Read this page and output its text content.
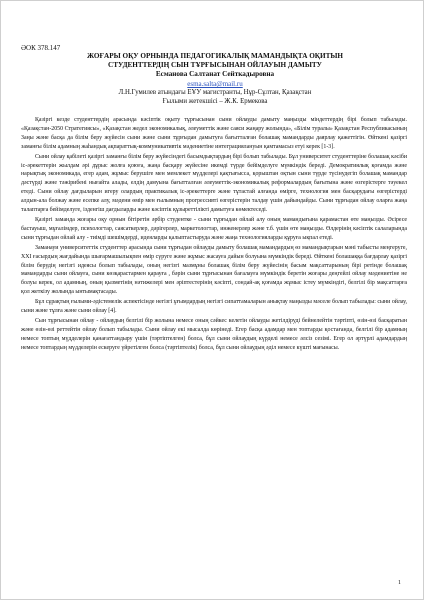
ӘОК 378.147
ЖОҒАРЫ ОҚУ ОРНЫНДА ПЕДАГОГИКАЛЫҚ МАМАНДЫҚТА ОҚИТЫН
СТУДЕНТТЕРДІҢ СЫН ТҰРҒЫСЫНАН ОЙЛАУЫН ДАМЫТУ
Есманова Салтанат Сейткадыровна
esma.salta@mail.ru
Л.Н.Гумилев атындағы ЕҰУ магистранты, Нұр-Сұлтан, Қазақстан
Ғылыми жетекшісі – Ж.К. Ермекова

Қазіргі кезде студенттердің арасында кәсіптік оқыту тұрғысынан сыни ойлауды дамыту маңызды міндеттердің бірі болып табылады. «Қазақстан-2050 Стратегиясы», «Қазақстан жедел экономикалық, әлеуметтік және саяси жаңару жолында», «Білім туралы» Қазақстан Республикасының Заңы және басқа да білім беру жүйесін сыни және сыни тұрғыдан дамытуға бағытталған болашақ мамандарды даярлау қажеттігін. Өйткені қазіргі заманғы білім адамның жаһандық ақпараттық-коммуникативтік мәдениетіне интеграциялануын қамтамасыз етуі керек [1-3].

Сыни ойлау қабілеті қазіргі заманғы білім беру жүйесіндегі басымдықтардың бірі болып табылады. Бұл университет студенттеріне болашақ кәсіби іс-әрекеттерін жылдам әрі дұрыс жолға қоюға, жаңа басқару жүйесіне икемді түрде бейімделуге мүмкіндік береді. Демократиялық қоғамда және нарықтық экономикада, егер адам, жұмыс берушіге мен мемлекет мүдделері қақтығысса, қорыштан оқтын сыни түрде түсінудегіп болашақ мамандар дәстүрді және тәжірибені нығайта алады, елдің дамуына бағытталған әлеуметтік-экономикалық реформалардың бағытына және өзгерістерге тәуекел етеді. Сыни ойлау дағдыларын игеру олардың практикалық іс-әрекеттерге және тұтастай алғанда өмірге, технология мен басқарудағы өзгерістерді алдын-ала болжау және есепке алу, мәдени өмір мен ғылымның прогрессивті өзгерістерін талдау үшін дайындайды. Сыни тұрғыдан ойлау оларға жаңа талаптарға бейімделуге, ізденгіш дағдыларды және кәсіптік құзыреттілікті дамытуға көмектеседі.

Қазіргі заманда жоғары оқу орнын бітіретін әрбір студентке - сыни тұрғыдан ойлай алу оның мамандығына қарамастан өте маңызды. Әсіресе бастауыш, мұғалімдер, психологтар, саясаткерлер, дәрігерлер, маркетологтар, инженерлер және т.б. үшін өте маңызды. Өлдерінің кәсіптік салаларында сыни тұрғыдан ойлай алу - тиімді шешімдерді, идеяларды қалыптастыруда және жаңа технологияларды құруға ықпал етеді.

Заманауи университеттік студенттер арасында сыни тұрғыдан ойлауды дамыту болашақ мамандардың өз мамандықтарын мәні табысты меңгеруге, XXI ғасырдың жағдайында шығармашылықпен өмір сүруге және жұмыс жасауға дайын болуына мүмкіндік береді. Өйткені болашаққа бағдарлау қазіргі білім берудің негізгі идеясы болып табылады, оның негізгі мазмұны болашақ білім беру жүйесінің басым мақсаттарының бірі ретінде болашақ мамандарды сыни ойлауға, сыни көзқарастармен қарауға , бәрін сыни тұрғысынан бағалауға мүмкіндік беретін жоғары деңгейлі ойлау мәдениетіне не болуы керек, ол адамның, оның қызметінің нәтижелері мен әріптестерінің кәсіпті, сондай-ақ қоғамда жұмыс істеу мүмкіндігі, белгілі бір мақсаттарға қол жеткізу жолында ынтымақтасады.

Бұл сұрақтың ғылыми-әдістемелік аспектісінде негізгі ұғымдардың негізгі сипаттамаларын анықтау маңызды мәселе болып табылады: сыни ойлау, сыни және тұлға және сыни ойлау [4].

Сын тұрғысынан ойлау - ойлаудың белгілі бір жолына немесе оның сәйкес келетін ойлауды жетілдіруді бейнелейтін тәртіпті, өзін-өзі басқаратын және өзін-өзі реттейтін ойлау болып табылады. Сыни ойлау екі мысалда көрінеді. Егер басқа адамдар мен топтарды қостағанда, белгілі бір адамның немесе топтың мүдделерін қанағаттандыру үшін (тәртіптелген) болса, бұл сыни ойлаудың күрделі немесе әлсіз сезімі. Егер ол әртүрлі адамдардың немесе топтардың мүдделерін ескеруге үйретілген болса (тәртіптелік) болса, бұл сыни ойлаудың әділ немесе күшті мағынасы.

1
